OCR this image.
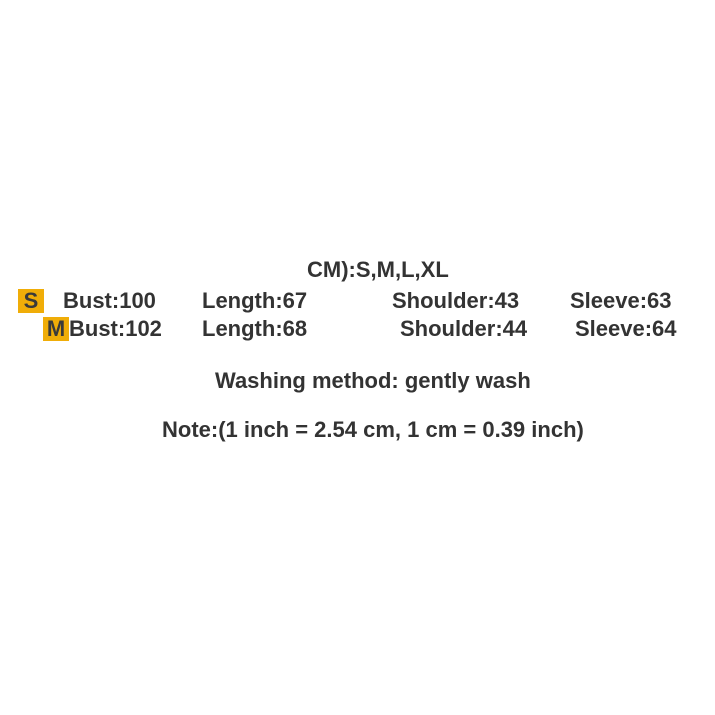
CM):S,M,L,XL
S Bust:100 Length:67	Shoulder:43 Sleeve:63
M Bust:102 Length:68	Shoulder:44 Sleeve:64
Washing method: gently wash
Note:(1 inch = 2.54 cm, 1 cm = 0.39 inch)
